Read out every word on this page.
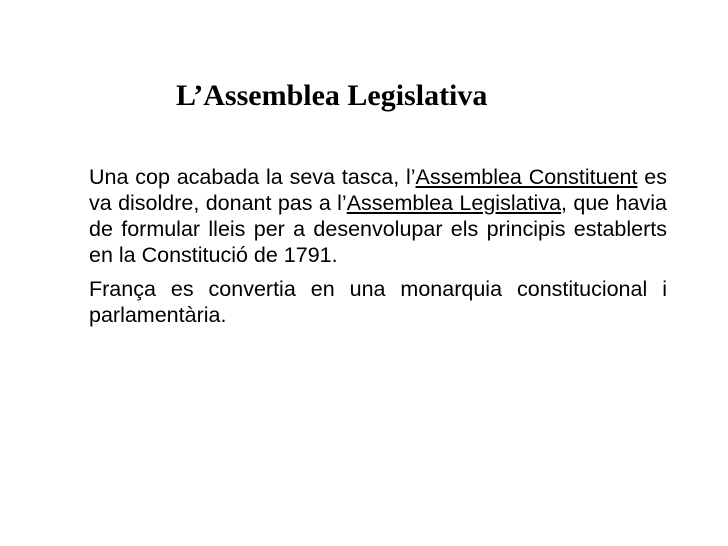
L’Assemblea Legislativa

Una cop acabada la seva tasca, l’Assemblea Constituent es va disoldre, donant pas a l’Assemblea Legislativa, que havia de formular lleis per a desenvolupar els principis establerts en la Constitució de 1791.

França es convertia en una monarquia constitucional i parlamentària.
